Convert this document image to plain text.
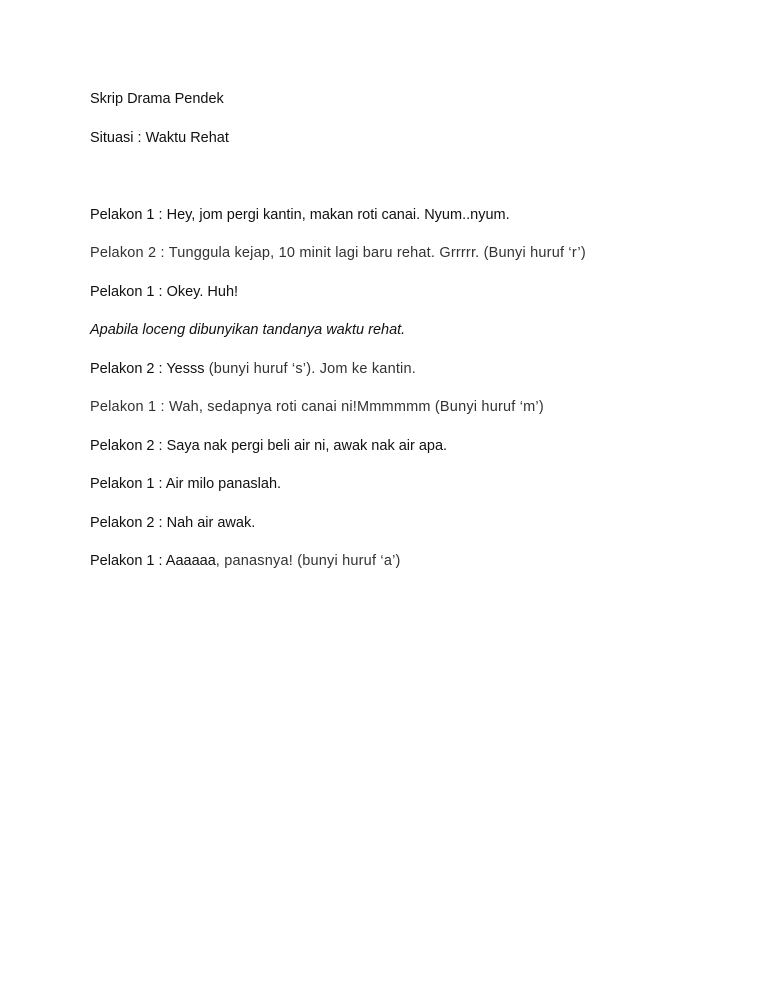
Skrip Drama Pendek
Situasi : Waktu Rehat
Pelakon 1 : Hey, jom pergi kantin, makan roti canai. Nyum..nyum.
Pelakon 2 : Tunggula kejap, 10 minit lagi baru rehat. Grrrrr. (Bunyi huruf ‘r’)
Pelakon 1 : Okey. Huh!
Apabila loceng dibunyikan tandanya waktu rehat.
Pelakon 2 : Yesss (bunyi huruf ‘s’). Jom ke kantin.
Pelakon 1 : Wah, sedapnya roti canai ni!Mmmmmm (Bunyi huruf ‘m’)
Pelakon 2 : Saya nak pergi beli air ni, awak nak air apa.
Pelakon 1 : Air milo panaslah.
Pelakon 2 : Nah air awak.
Pelakon 1 : Aaaaaa, panasnya! (bunyi huruf ‘a’)
